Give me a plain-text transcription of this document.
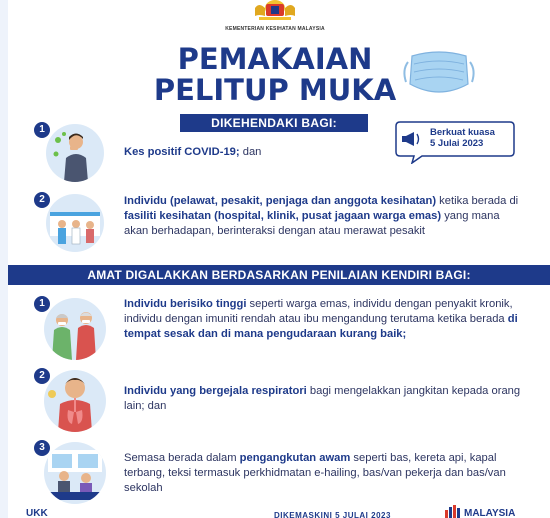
KEMENTERIAN KESIHATAN MALAYSIA
PEMAKAIAN
PELITUP MUKA
DIKEHENDAKI BAGI:
Berkuat kuasa
5 Julai 2023
1
Kes positif COVID-19; dan
2	Individu (pelawat, pesakit, penjaga dan anggota kesihatan) ketika berada di fasiliti kesihatan (hospital, klinik, pusat jagaan warga emas) yang mana akan berhadapan, berinteraksi dengan atau merawat pesakit
AMAT DIGALAKKAN BERDASARKAN PENILAIAN KENDIRI BAGI:
1	Individu berisiko tinggi seperti warga emas, individu dengan penyakit kronik, individu dengan imuniti rendah atau ibu mengandung terutama ketika berada di tempat sesak dan di mana pengudaraan kurang baik;
2
Individu yang bergejala respiratori bagi mengelakkan jangkitan kepada orang lain; dan
3
Semasa berada dalam pengangkutan awam seperti bas, kereta api, kapal terbang, teksi termasuk perkhidmatan e-hailing, bas/van pekerja dan bas/van sekolah
UKK	DIKEMASKINI 5 JULAI 2023	MALAYSIA
